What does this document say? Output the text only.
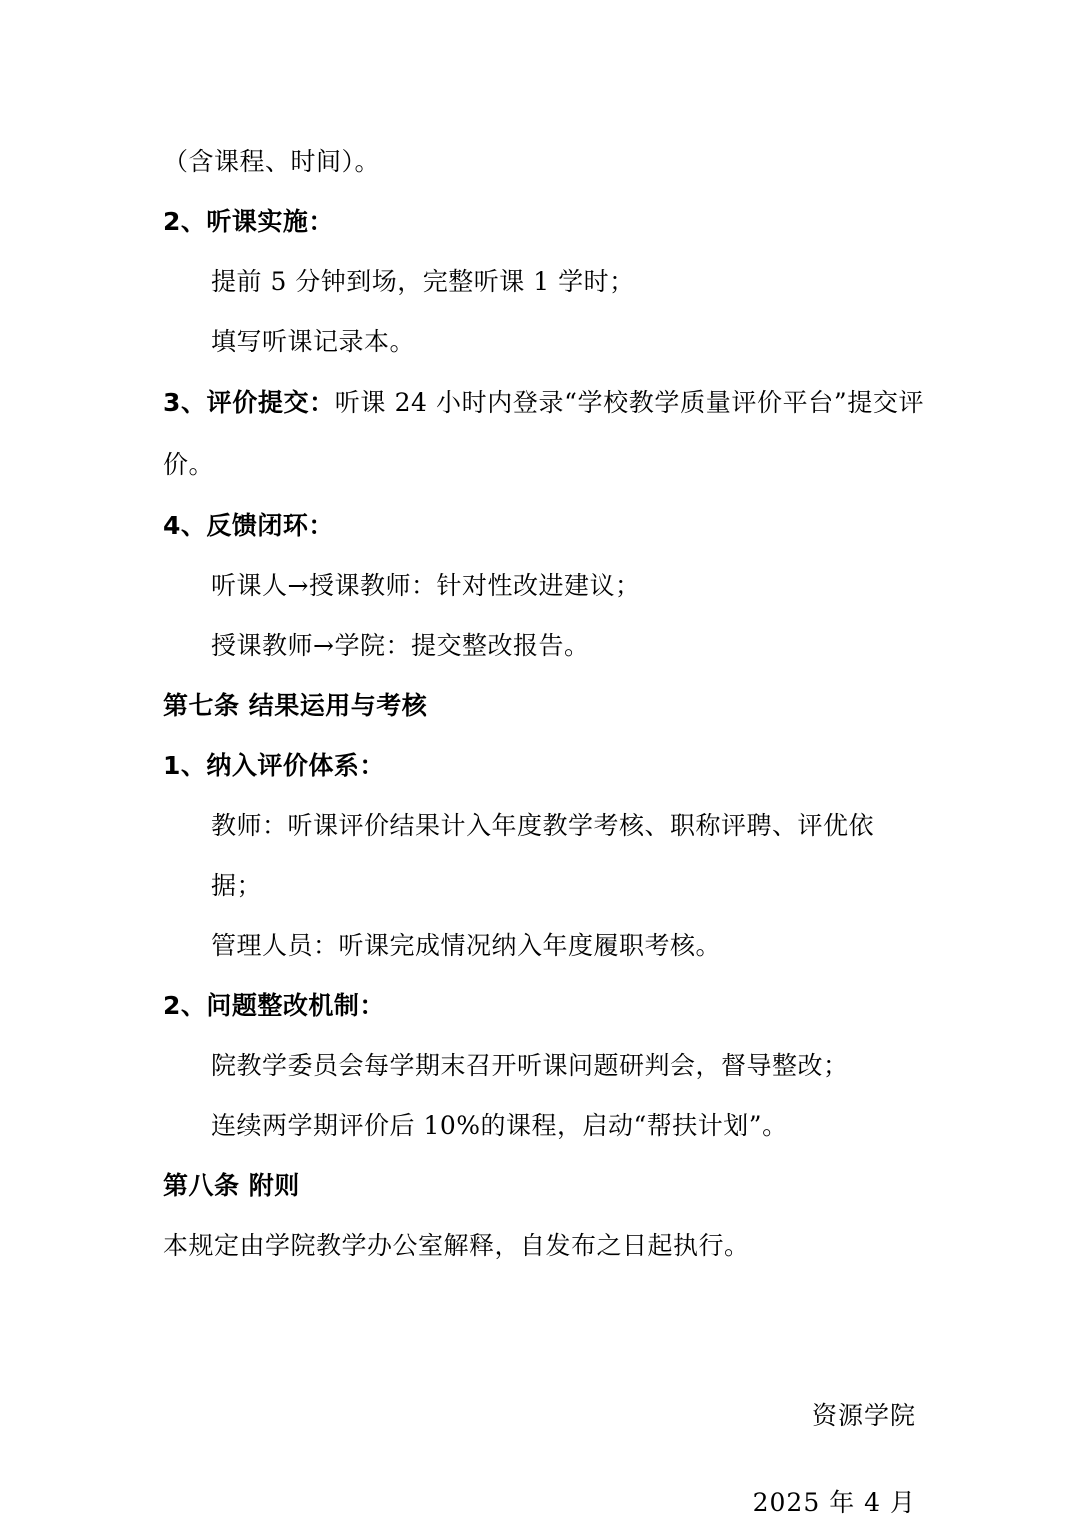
（含课程、时间）。

2、听课实施：

提前 5 分钟到场，完整听课 1 学时；

填写听课记录本。

3、评价提交：听课 24 小时内登录“学校教学质量评价平台”提交评价。

4、反馈闭环：

听课人→授课教师：针对性改进建议；

授课教师→学院：提交整改报告。

第七条 结果运用与考核

1、纳入评价体系：

教师：听课评价结果计入年度教学考核、职称评聘、评优依据；

管理人员：听课完成情况纳入年度履职考核。

2、问题整改机制：

院教学委员会每学期末召开听课问题研判会，督导整改；

连续两学期评价后 10%的课程，启动“帮扶计划”。

第八条 附则

本规定由学院教学办公室解释，自发布之日起执行。

资源学院

2025 年 4 月
